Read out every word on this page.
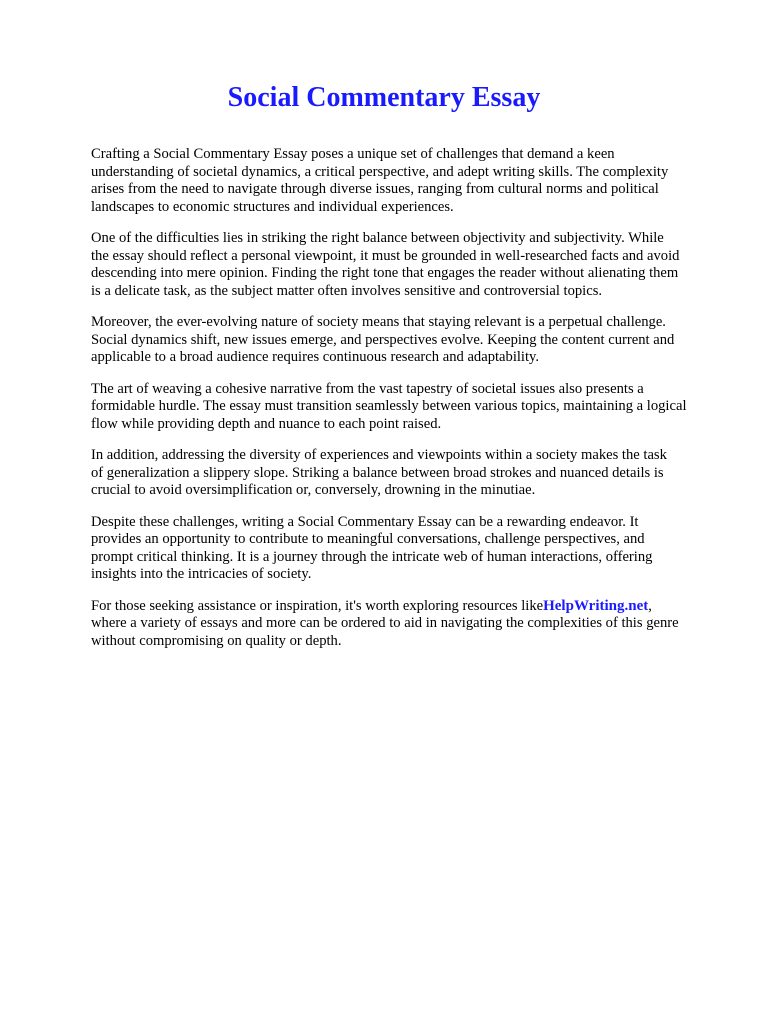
Social Commentary Essay

Crafting a Social Commentary Essay poses a unique set of challenges that demand a keen
understanding of societal dynamics, a critical perspective, and adept writing skills. The complexity
arises from the need to navigate through diverse issues, ranging from cultural norms and political
landscapes to economic structures and individual experiences.

One of the difficulties lies in striking the right balance between objectivity and subjectivity. While
the essay should reflect a personal viewpoint, it must be grounded in well-researched facts and avoid
descending into mere opinion. Finding the right tone that engages the reader without alienating them
is a delicate task, as the subject matter often involves sensitive and controversial topics.

Moreover, the ever-evolving nature of society means that staying relevant is a perpetual challenge.
Social dynamics shift, new issues emerge, and perspectives evolve. Keeping the content current and
applicable to a broad audience requires continuous research and adaptability.

The art of weaving a cohesive narrative from the vast tapestry of societal issues also presents a
formidable hurdle. The essay must transition seamlessly between various topics, maintaining a logical
flow while providing depth and nuance to each point raised.

In addition, addressing the diversity of experiences and viewpoints within a society makes the task
of generalization a slippery slope. Striking a balance between broad strokes and nuanced details is
crucial to avoid oversimplification or, conversely, drowning in the minutiae.

Despite these challenges, writing a Social Commentary Essay can be a rewarding endeavor. It
provides an opportunity to contribute to meaningful conversations, challenge perspectives, and
prompt critical thinking. It is a journey through the intricate web of human interactions, offering
insights into the intricacies of society.

For those seeking assistance or inspiration, it's worth exploring resources likeHelpWriting.net,
where a variety of essays and more can be ordered to aid in navigating the complexities of this genre
without compromising on quality or depth.
